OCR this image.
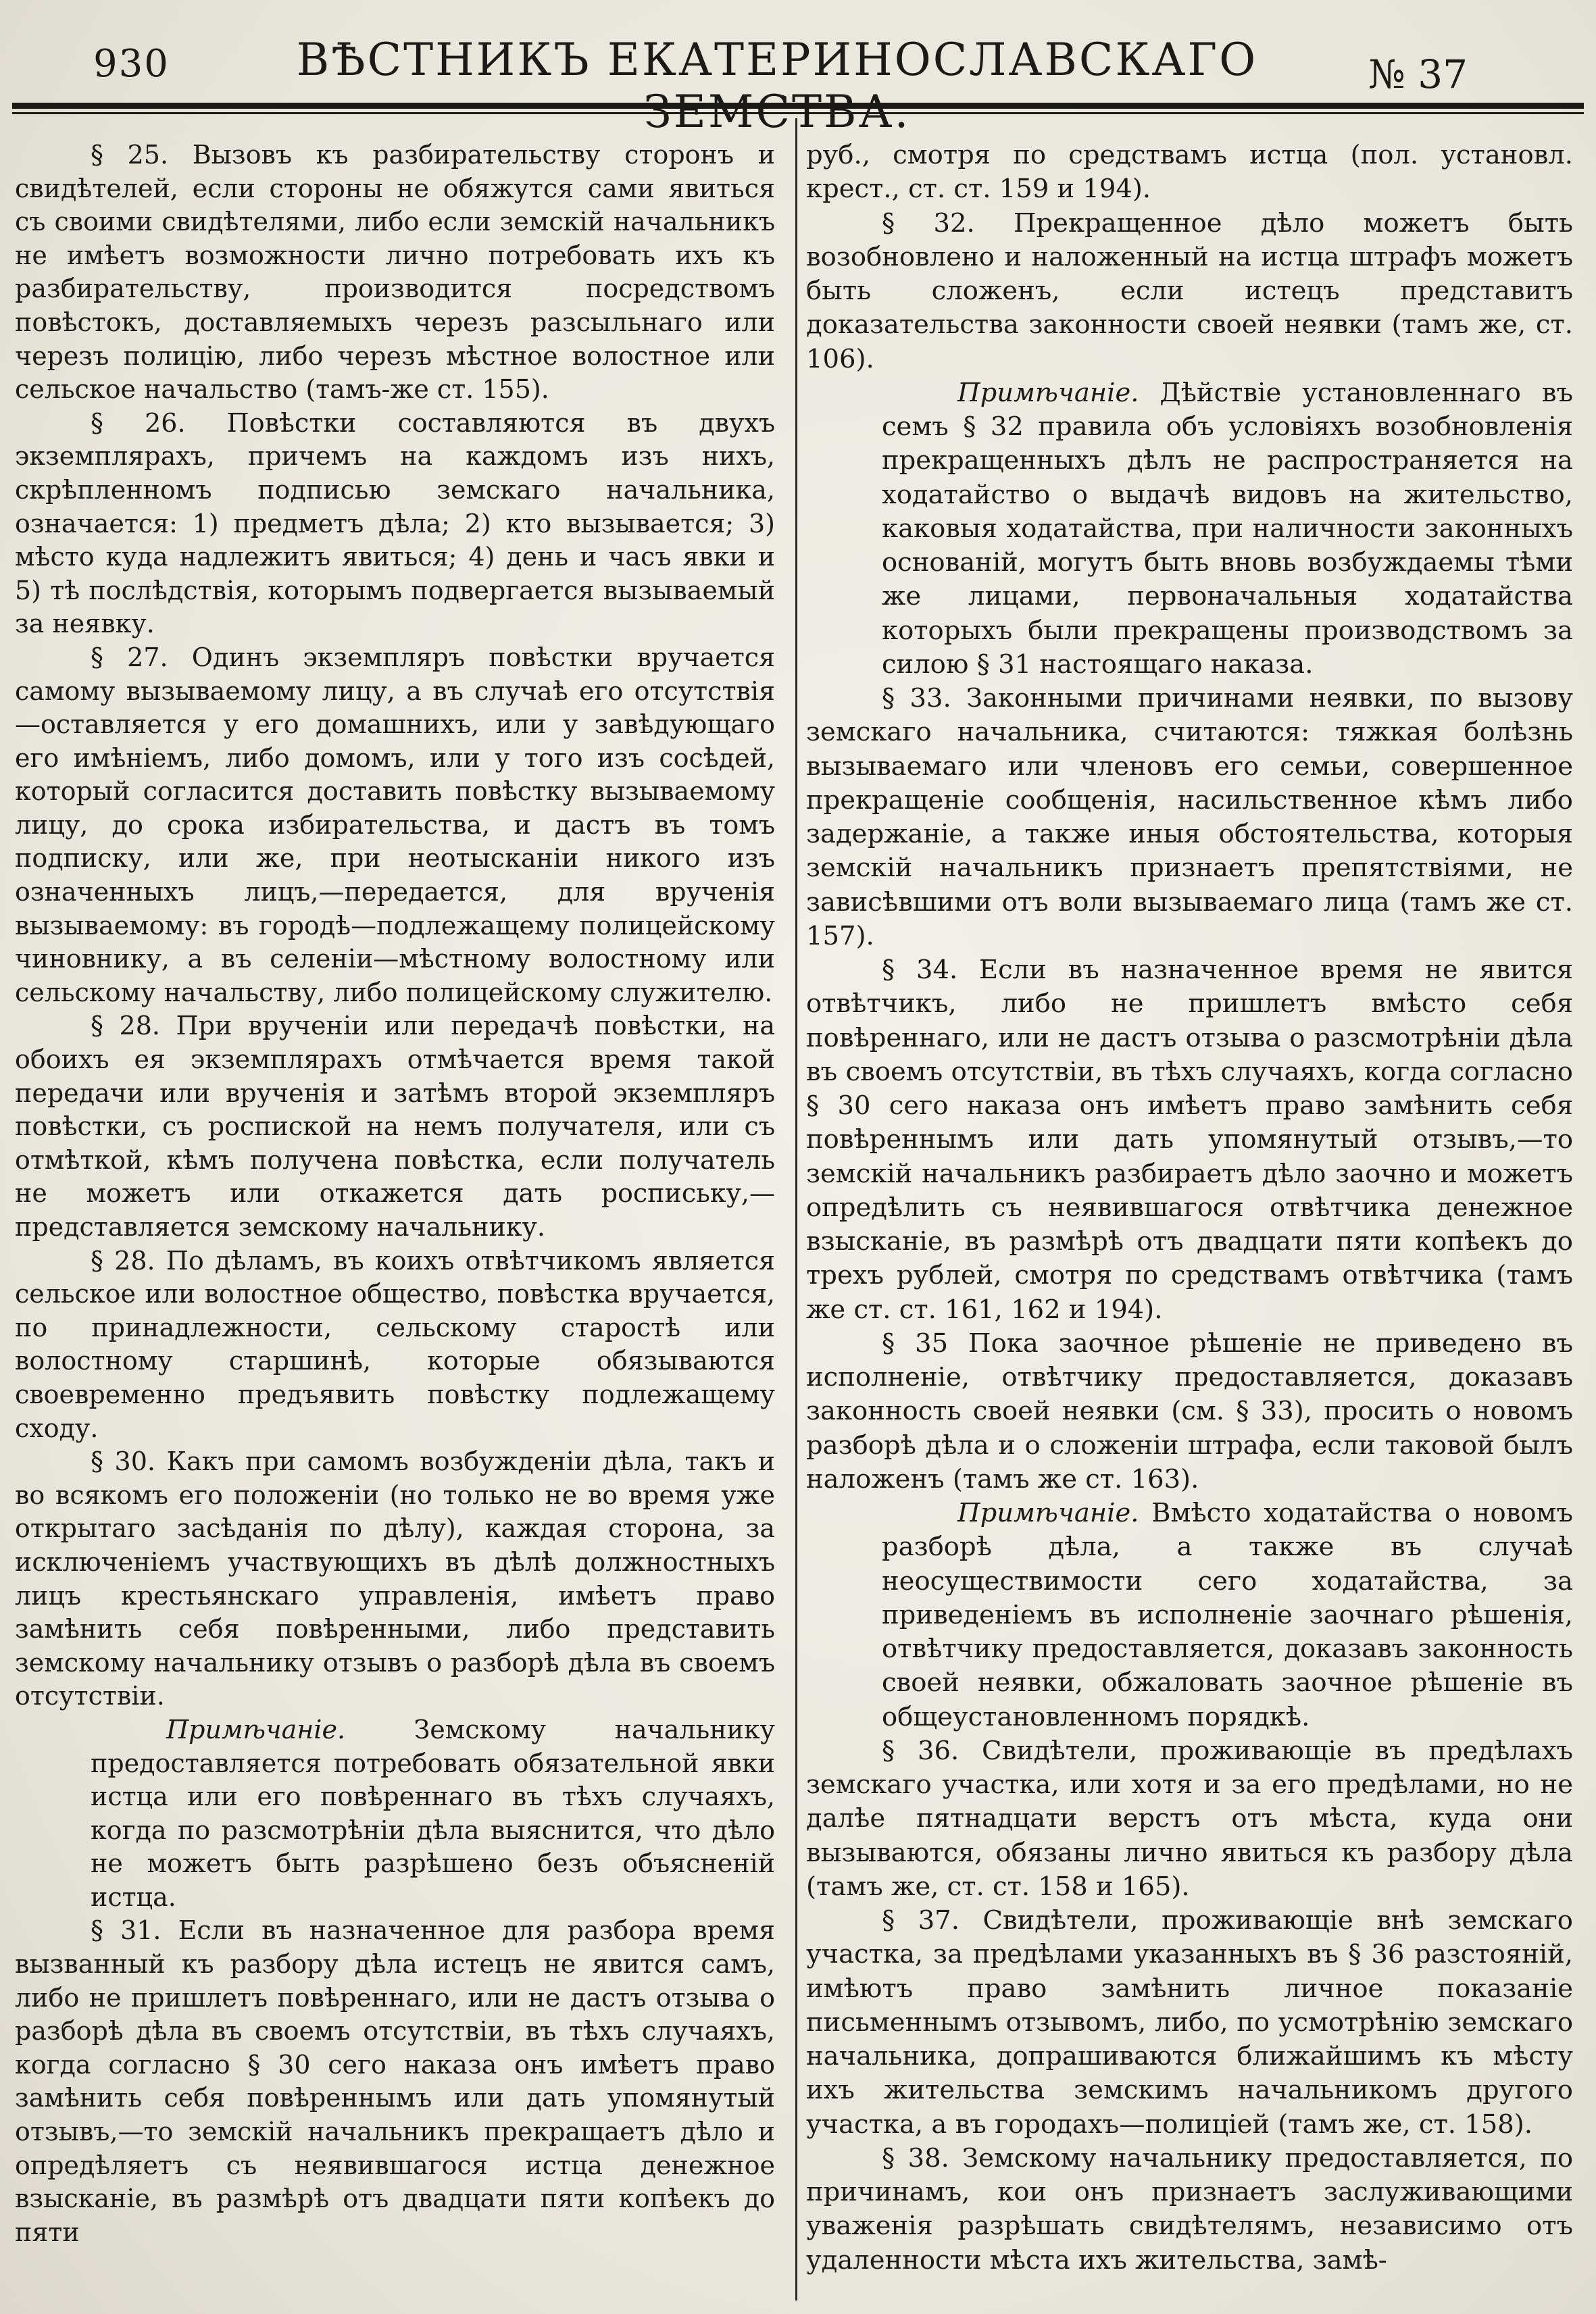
930	ВѢСТНИКЪ ЕКАТЕРИНОСЛАВСКАГО	№ 37

§ 25. Вызовъ къ разбирательству сторонъ и свидѣтелей, если стороны не обяжутся сами явиться съ своими свидѣтелями, либо если земскій начальникъ не имѣетъ возможности лично потребовать ихъ къ разбирательству, производится посредствомъ повѣстокъ, доставляемыхъ черезъ разсыльнаго или черезъ полицію, либо черезъ мѣстное волостное или сельское начальство (тамъ-же ст. 155).

§ 26. Повѣстки составляются въ двухъ экземплярахъ, причемъ на каждомъ изъ нихъ, скрѣпленномъ подписью земскаго начальника, означается: 1) предметъ дѣла; 2) кто вызывается; 3) мѣсто куда надлежитъ явиться; 4) день и часъ явки и 5) тѣ послѣдствія, которымъ подвергается вызываемый за неявку.

§ 27. Одинъ экземпляръ повѣстки вручается самому вызываемому лицу, а въ случаѣ его отсутствія—оставляется у его домашнихъ, или у завѣдующаго его имѣніемъ, либо домомъ, или у того изъ сосѣдей, который согласится доставить повѣстку вызываемому лицу, до срока избирательства, и дастъ въ томъ подписку, или же, при неотысканіи никого изъ означенныхъ лицъ,—передается, для врученія вызываемому: въ городѣ—подлежащему полицейскому чиновнику, а въ селеніи—мѣстному волостному или сельскому начальству, либо полицейскому служителю.

§ 28. При врученіи или передачѣ повѣстки, на обоихъ ея экземплярахъ отмѣчается время такой передачи или врученія и затѣмъ второй экземпляръ повѣстки, съ роспиской на немъ получателя, или съ отмѣткой, кѣмъ получена повѣстка, если получатель не можетъ или откажется дать роспиську,—представляется земскому начальнику.

§ 28. По дѣламъ, въ коихъ отвѣтчикомъ является сельское или волостное общество, повѣстка вручается, по принадлежности, сельскому старостѣ или волостному старшинѣ, которые обязываются своевременно предъявить повѣстку подлежащему сходу.

§ 30. Какъ при самомъ возбужденіи дѣла, такъ и во всякомъ его положеніи (но только не во время уже открытаго засѣданія по дѣлу), каждая сторона, за исключеніемъ участвующихъ въ дѣлѣ должностныхъ лицъ крестьянскаго управленія, имѣетъ право замѣнить себя повѣренными, либо представить земскому начальнику отзывъ о разборѣ дѣла въ своемъ отсутствіи.

Примѣчаніе.	Земскому начальнику предоставляется потребовать обязательной явки истца или его повѣреннаго въ тѣхъ случаяхъ, когда по разсмотрѣніи дѣла выяснится, что дѣло не можетъ быть разрѣшено безъ объясненій истца.

§ 31. Если въ назначенное для разбора время вызванный къ разбору дѣла истецъ не явится самъ, либо не пришлетъ повѣреннаго, или не дастъ отзыва о разборѣ дѣла въ своемъ отсутствіи, въ тѣхъ случаяхъ, когда согласно § 30 сего наказа онъ имѣетъ право замѣнить себя повѣреннымъ или дать упомянутый отзывъ,—то земскій начальникъ прекращаетъ дѣло и опредѣляетъ съ неявившагося истца денежное взысканіе, въ размѣрѣ отъ двадцати пяти копѣекъ до пяти

руб., смотря по средствамъ истца (пол. установл. крест., ст. ст. 159 и 194).

§ 32. Прекращенное дѣло можетъ быть возобновлено и наложенный на истца штрафъ можетъ быть сложенъ, если истецъ представитъ доказательства законности своей неявки (тамъ же, ст. 106).

Примѣчаніе. Дѣйствіе установленнаго въ семъ § 32 правила объ условіяхъ возобновленія прекращенныхъ дѣлъ не распространяется на ходатайство о выдачѣ видовъ на жительство, каковыя ходатайства, при наличности законныхъ основаній, могутъ быть вновь возбуждаемы тѣми же лицами, первоначальныя ходатайства которыхъ были прекращены производствомъ за силою § 31 настоящаго наказа.

§ 33. Законными причинами неявки, по вызову земскаго начальника, считаются: тяжкая болѣзнь вызываемаго или членовъ его семьи, совершенное прекращеніе сообщенія, насильственное кѣмъ либо задержаніе, а также иныя обстоятельства, которыя земскій начальникъ признаетъ препятствіями, не зависѣвшими отъ воли вызываемаго лица (тамъ же ст. 157).

§ 34. Если въ назначенное время не явится отвѣтчикъ, либо не пришлетъ вмѣсто себя повѣреннаго, или не дастъ отзыва о разсмотрѣніи дѣла въ своемъ отсутствіи, въ тѣхъ случаяхъ, когда согласно § 30 сего наказа онъ имѣетъ право замѣнить себя повѣреннымъ или дать упомянутый отзывъ,—то земскій начальникъ разбираетъ дѣло заочно и можетъ опредѣлить съ неявившагося отвѣтчика денежное взысканіе, въ размѣрѣ отъ двадцати пяти копѣекъ до трехъ рублей, смотря по средствамъ отвѣтчика (тамъ же ст. ст. 161, 162 и 194).

§ 35 Пока заочное рѣшеніе не приведено въ исполненіе, отвѣтчику предоставляется, доказавъ законность своей неявки (см. § 33), просить о новомъ разборѣ дѣла и о сложеніи штрафа, если таковой былъ наложенъ (тамъ же ст. 163).

Примѣчаніе. Вмѣсто ходатайства о новомъ разборѣ дѣла, а также въ случаѣ неосуществимости сего ходатайства, за приведеніемъ въ исполненіе заочнаго рѣшенія, отвѣтчику предоставляется, доказавъ законность своей неявки, обжаловать заочное рѣшеніе въ общеустановленномъ порядкѣ.

§ 36. Свидѣтели, проживающіе въ предѣлахъ земскаго участка, или хотя и за его предѣлами, но не далѣе пятнадцати верстъ отъ мѣста, куда они вызываются, обязаны лично явиться къ разбору дѣла (тамъ же, ст. ст. 158 и 165).

§ 37. Свидѣтели, проживающіе внѣ земскаго участка, за предѣлами указанныхъ въ § 36 разстояній, имѣютъ право замѣнить личное показаніе письменнымъ отзывомъ, либо, по усмотрѣнію земскаго начальника, допрашиваются ближайшимъ къ мѣсту ихъ жительства земскимъ начальникомъ другого участка, а въ городахъ—полиціей (тамъ же, ст. 158).

§ 38. Земскому начальнику предоставляется, по причинамъ, кои онъ признаетъ заслуживающими уваженія разрѣшать свидѣтелямъ, независимо отъ удаленности мѣста ихъ жительства, замѣ-
